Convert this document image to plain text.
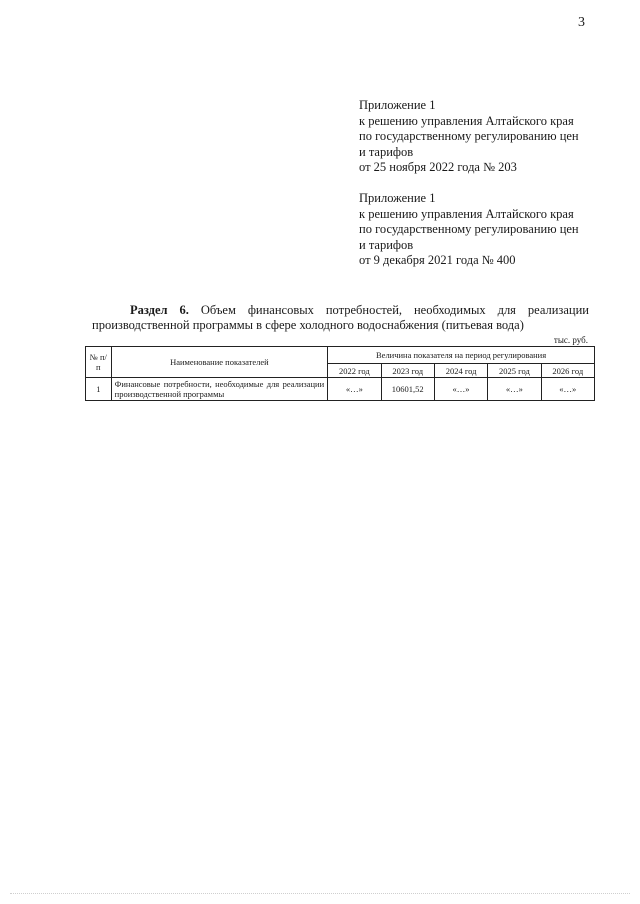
3
Приложение 1
к решению управления Алтайского края
по государственному регулированию цен
и тарифов
от 25 ноября 2022 года № 203
Приложение 1
к решению управления Алтайского края
по государственному регулированию цен
и тарифов
от 9 декабря 2021 года № 400
Раздел 6. Объем финансовых потребностей, необходимых для реализации
производственной программы в сфере холодного водоснабжения (питьевая вода)
тыс. руб.
№ п/п	Наименование показателей	Величина показателя на период регулирования				
		2022 год	2023 год	2024 год	2025 год	2026 год
1	Финансовые потребности, необходимые для реализации производственной программы	«…»	10601,52	«…»	«…»	«…»
